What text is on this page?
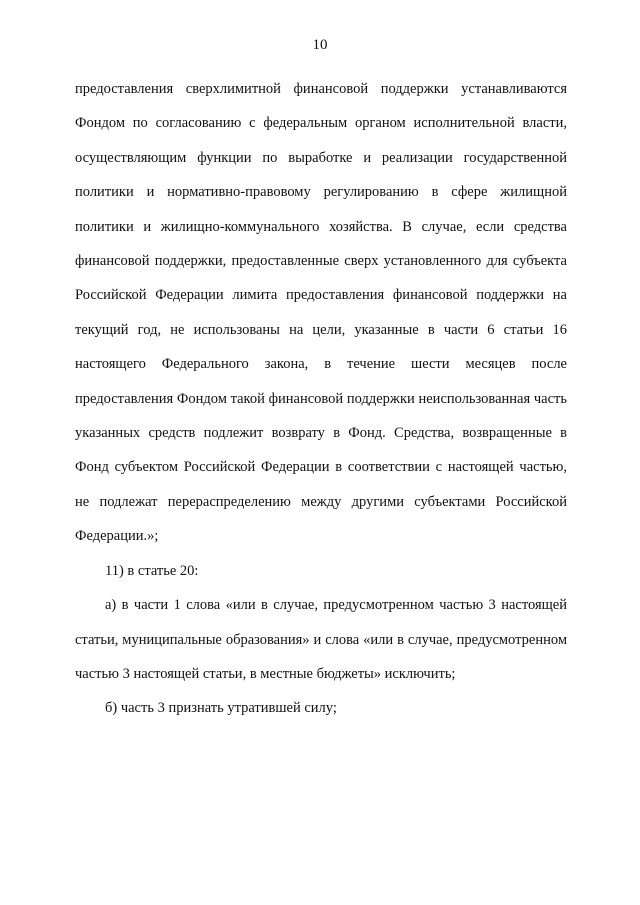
10

предоставления сверхлимитной финансовой поддержки устанавливаются Фондом по согласованию с федеральным органом исполнительной власти, осуществляющим функции по выработке и реализации государственной политики и нормативно-правовому регулированию в сфере жилищной политики и жилищно-коммунального хозяйства. В случае, если средства финансовой поддержки, предоставленные сверх установленного для субъекта Российской Федерации лимита предоставления финансовой поддержки на текущий год, не использованы на цели, указанные в части 6 статьи 16 настоящего Федерального закона, в течение шести месяцев после предоставления Фондом такой финансовой поддержки неиспользованная часть указанных средств подлежит возврату в Фонд. Средства, возвращенные в Фонд субъектом Российской Федерации в соответствии с настоящей частью, не подлежат перераспределению между другими субъектами Российской Федерации.»;

11) в статье 20:

а) в части 1 слова «или в случае, предусмотренном частью 3 настоящей статьи, муниципальные образования» и слова «или в случае, предусмотренном частью 3 настоящей статьи, в местные бюджеты» исключить;

б) часть 3 признать утратившей силу;
